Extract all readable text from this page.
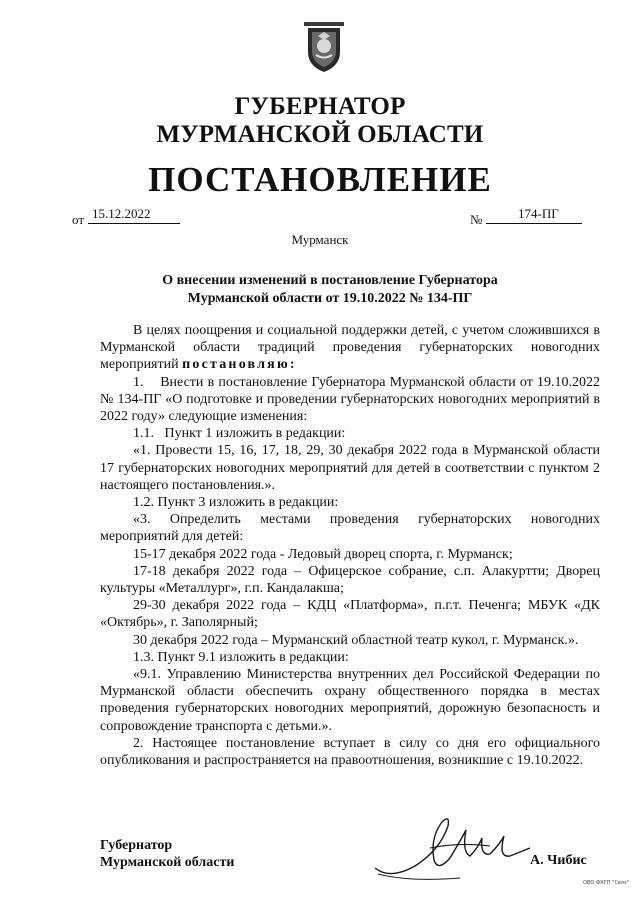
ГУБЕРНАТОР
МУРМАНСКОЙ ОБЛАСТИ
ПОСТАНОВЛЕНИЕ
от 15.12.2022	№	174-ПГ
Мурманск
О внесении изменений в постановление Губернатора
Мурманской области от 19.10.2022 № 134-ПГ

В целях поощрения и социальной поддержки детей, с учетом сложившихся в Мурманской области традиций проведения губернаторских новогодних мероприятий постановляю:

1.    Внести в постановление Губернатора Мурманской области от 19.10.2022 № 134-ПГ «О подготовке и проведении губернаторских новогодних мероприятий в 2022 году» следующие изменения:

1.1.   Пункт 1 изложить в редакции:

«1. Провести 15, 16, 17, 18, 29, 30 декабря 2022 года в Мурманской области 17 губернаторских новогодних мероприятий для детей в соответствии с пунктом 2 настоящего постановления.».

1.2. Пункт 3 изложить в редакции:

«3. Определить местами проведения губернаторских новогодних мероприятий для детей:

15-17 декабря 2022 года - Ледовый дворец спорта, г. Мурманск;

17-18 декабря 2022 года – Офицерское собрание, с.п. Алакуртти; Дворец культуры «Металлург», г.п. Кандалакша;

29-30 декабря 2022 года – КДЦ «Платформа», п.г.т. Печенга; МБУК «ДК «Октябрь», г. Заполярный;

30 декабря 2022 года – Мурманский областной театр кукол, г. Мурманск.».

1.3. Пункт 9.1 изложить в редакции:

«9.1. Управлению Министерства внутренних дел Российской Федерации по Мурманской области обеспечить охрану общественного порядка в местах проведения губернаторских новогодних мероприятий, дорожную безопасность и сопровождение транспорта с детьми.».

2. Настоящее постановление вступает в силу со дня его официального опубликования и распространяется на правоотношения, возникшие с 19.10.2022.

Губернатор
Мурманской области	А. Чибис
ОВО ФКГП "Связ"
